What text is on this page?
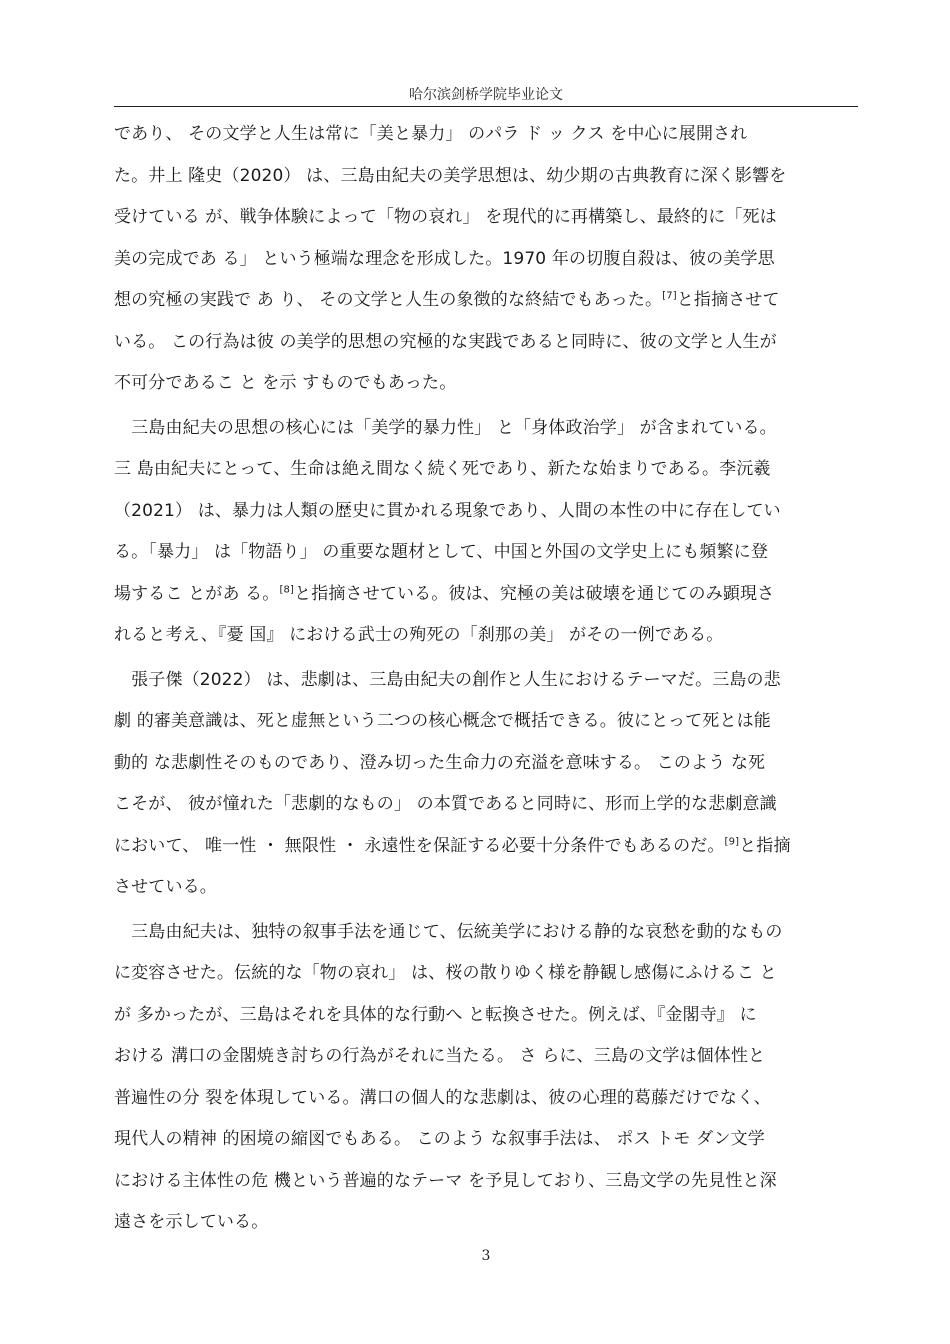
哈尔滨剑桥学院毕业论文
であり、 その文学と人生は常に「美と暴力」 のパラ ド ッ クス を中心に展開され
た。井上 隆史（2020） は、三島由紀夫の美学思想は、幼少期の古典教育に深く影響を
受けている が、戦争体験によって「物の哀れ」 を現代的に再構築し、最終的に「死は
美の完成であ る」 という極端な理念を形成した。1970 年の切腹自殺は、彼の美学思
想の究極の実践で あ り、 その文学と人生の象徴的な終結でもあった。[7]と指摘させて
いる。 この行為は彼 の美学的思想の究極的な実践であると同時に、彼の文学と人生が
不可分であるこ と を示 すものでもあった。
　三島由紀夫の思想の核心には「美学的暴力性」 と「身体政治学」 が含まれている。
三 島由紀夫にとって、生命は絶え間なく続く死であり、新たな始まりである。李沅羲
（2021） は、暴力は人類の歴史に貫かれる現象であり、人間の本性の中に存在してい
る。「暴力」 は「物語り」 の重要な題材として、中国と外国の文学史上にも頻繁に登
場するこ とがあ る。[8]と指摘させている。彼は、究極の美は破壊を通じてのみ顕現さ
れると考え、『憂 国』 における武士の殉死の「刹那の美」 がその一例である。
　張子傑（2022） は、悲劇は、三島由紀夫の創作と人生におけるテーマだ。三島の悲
劇 的審美意識は、死と虚無という二つの核心概念で概括できる。彼にとって死とは能
動的 な悲劇性そのものであり、澄み切った生命力の充溢を意味する。 このよう な死
こそが、 彼が憧れた「悲劇的なもの」 の本質であると同時に、形而上学的な悲劇意識
において、 唯一性 ・ 無限性 ・ 永遠性を保証する必要十分条件でもあるのだ。[9]と指摘
させている。
　三島由紀夫は、独特の叙事手法を通じて、伝統美学における静的な哀愁を動的なもの
に変容させた。伝統的な「物の哀れ」 は、桜の散りゆく様を静観し感傷にふけるこ と
が 多かったが、三島はそれを具体的な行動へ と転換させた。例えば、『金閣寺』 に
おける 溝口の金閣焼き討ちの行為がそれに当たる。 さ らに、三島の文学は個体性と
普遍性の分 裂を体現している。溝口の個人的な悲劇は、彼の心理的葛藤だけでなく、
現代人の精神 的困境の縮図でもある。 このよう な叙事手法は、 ポス トモ ダン文学
における主体性の危 機という普遍的なテーマ を予見しており、三島文学の先見性と深
遠さを示している。
3
